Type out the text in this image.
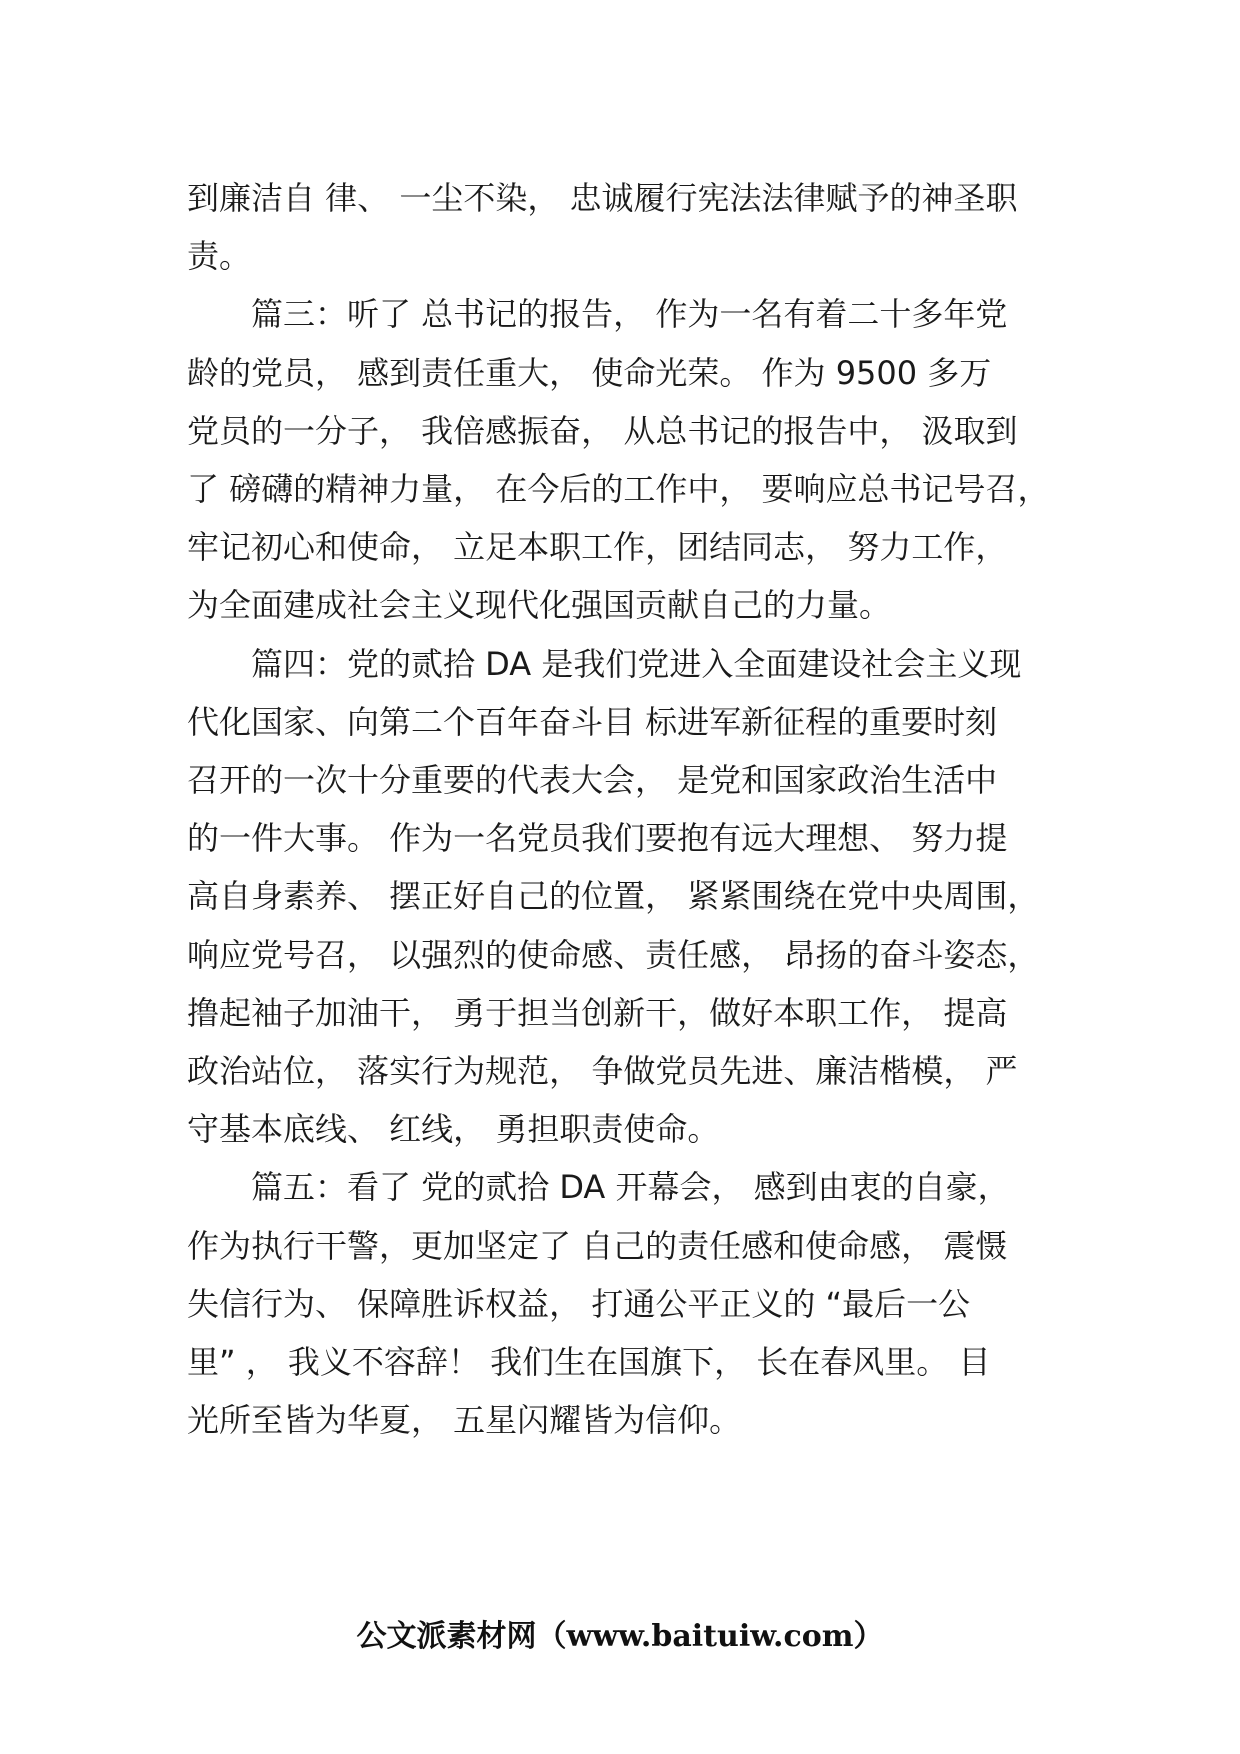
到廉洁自 律、 一尘不染， 忠诚履行宪法法律赋予的神圣职
责。
　　篇三：听了 总书记的报告， 作为一名有着二十多年党
龄的党员， 感到责任重大， 使命光荣。 作为 9500 多万
党员的一分子， 我倍感振奋， 从总书记的报告中， 汲取到
了 磅礴的精神力量， 在今后的工作中， 要响应总书记号召，
牢记初心和使命， 立足本职工作，团结同志， 努力工作，
为全面建成社会主义现代化强国贡献自己的力量。
　　篇四：党的贰拾 DA 是我们党进入全面建设社会主义现
代化国家、向第二个百年奋斗目 标进军新征程的重要时刻
召开的一次十分重要的代表大会， 是党和国家政治生活中
的一件大事。 作为一名党员我们要抱有远大理想、 努力提
高自身素养、 摆正好自己的位置， 紧紧围绕在党中央周围，
响应党号召， 以强烈的使命感、责任感， 昂扬的奋斗姿态，
撸起袖子加油干， 勇于担当创新干，做好本职工作， 提高
政治站位， 落实行为规范， 争做党员先进、廉洁楷模， 严
守基本底线、 红线， 勇担职责使命。
　　篇五：看了 党的贰拾 DA 开幕会， 感到由衷的自豪，
作为执行干警，更加坚定了 自己的责任感和使命感， 震慑
失信行为、 保障胜诉权益， 打通公平正义的 “最后一公
里” ， 我义不容辞！ 我们生在国旗下， 长在春风里。 目
光所至皆为华夏， 五星闪耀皆为信仰。
公文派素材网（www.baituiw.com）
